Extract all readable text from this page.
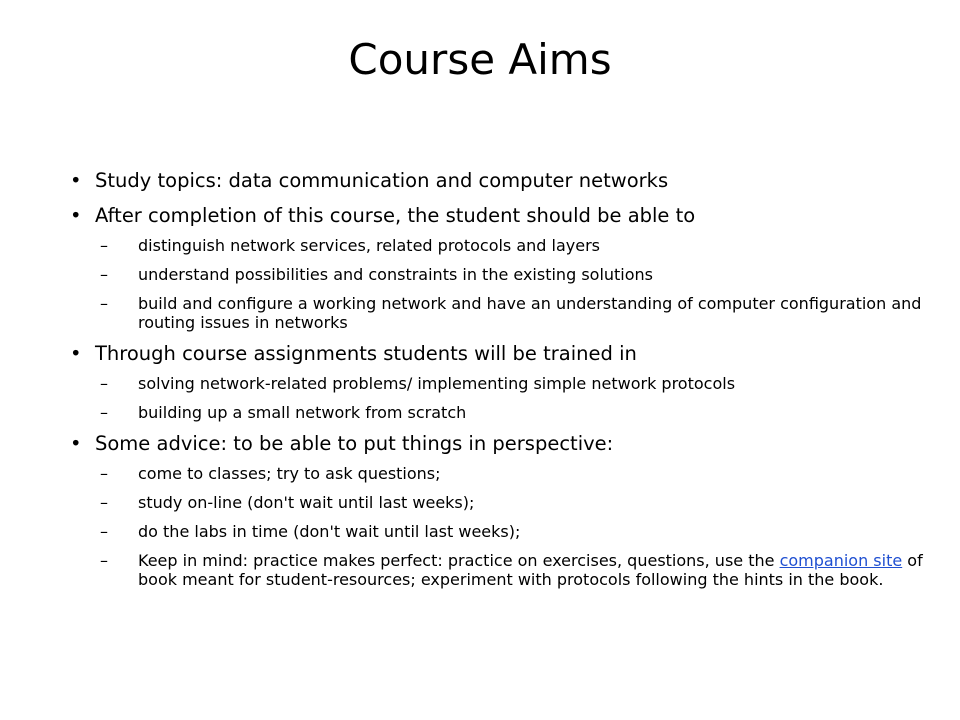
Course Aims
• Study topics: data communication and computer networks
• After completion of this course, the student should be able to
– distinguish network services, related protocols and layers
– understand possibilities and constraints in the existing solutions
– build and configure a working network and have an understanding of computer configuration and routing issues in networks
• Through course assignments students will be trained in
– solving network-related problems/ implementing simple network protocols
– building up a small network from scratch
• Some advice: to be able to put things in perspective:
– come to classes; try to ask questions;
– study on-line (don't wait until last weeks);
– do the labs in time (don't wait until last weeks);
– Keep in mind: practice makes perfect: practice on exercises, questions, use the companion site of book meant for student-resources; experiment with protocols following the hints in the book.
